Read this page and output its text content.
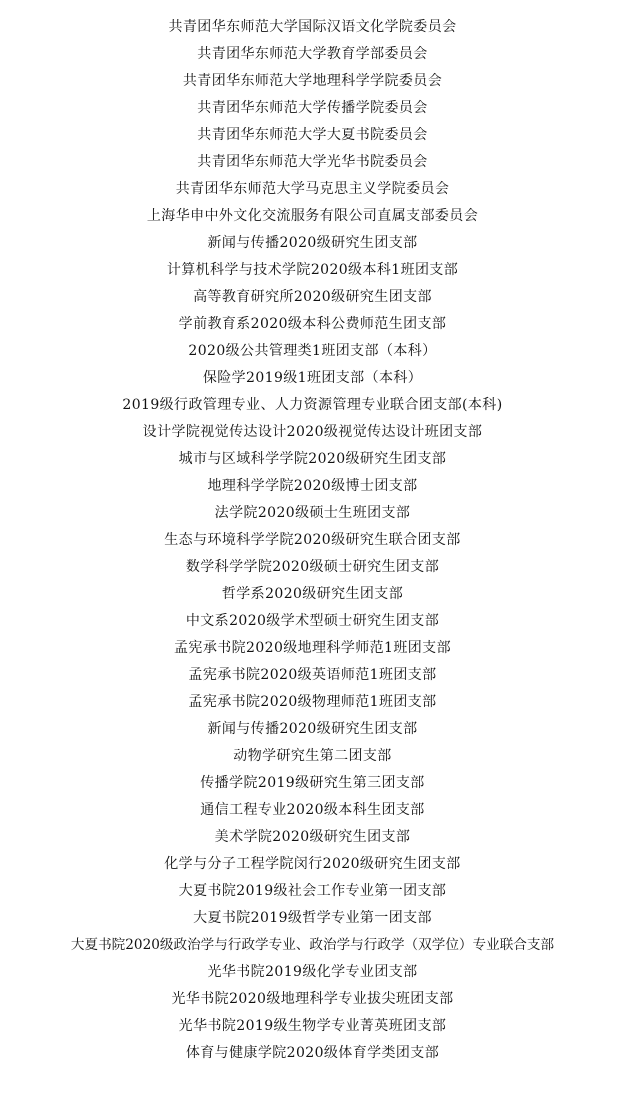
共青团华东师范大学国际汉语文化学院委员会
共青团华东师范大学教育学部委员会
共青团华东师范大学地理科学学院委员会
共青团华东师范大学传播学院委员会
共青团华东师范大学大夏书院委员会
共青团华东师范大学光华书院委员会
共青团华东师范大学马克思主义学院委员会
上海华申中外文化交流服务有限公司直属支部委员会
新闻与传播2020级研究生团支部
计算机科学与技术学院2020级本科1班团支部
高等教育研究所2020级研究生团支部
学前教育系2020级本科公费师范生团支部
2020级公共管理类1班团支部（本科）
保险学2019级1班团支部（本科）
2019级行政管理专业、人力资源管理专业联合团支部(本科)
设计学院视觉传达设计2020级视觉传达设计班团支部
城市与区域科学学院2020级研究生团支部
地理科学学院2020级博士团支部
法学院2020级硕士生班团支部
生态与环境科学学院2020级研究生联合团支部
数学科学学院2020级硕士研究生团支部
哲学系2020级研究生团支部
中文系2020级学术型硕士研究生团支部
孟宪承书院2020级地理科学师范1班团支部
孟宪承书院2020级英语师范1班团支部
孟宪承书院2020级物理师范1班团支部
新闻与传播2020级研究生团支部
动物学研究生第二团支部
传播学院2019级研究生第三团支部
通信工程专业2020级本科生团支部
美术学院2020级研究生团支部
化学与分子工程学院闵行2020级研究生团支部
大夏书院2019级社会工作专业第一团支部
大夏书院2019级哲学专业第一团支部
大夏书院2020级政治学与行政学专业、政治学与行政学（双学位）专业联合支部
光华书院2019级化学专业团支部
光华书院2020级地理科学专业拔尖班团支部
光华书院2019级生物学专业菁英班团支部
体育与健康学院2020级体育学类团支部
